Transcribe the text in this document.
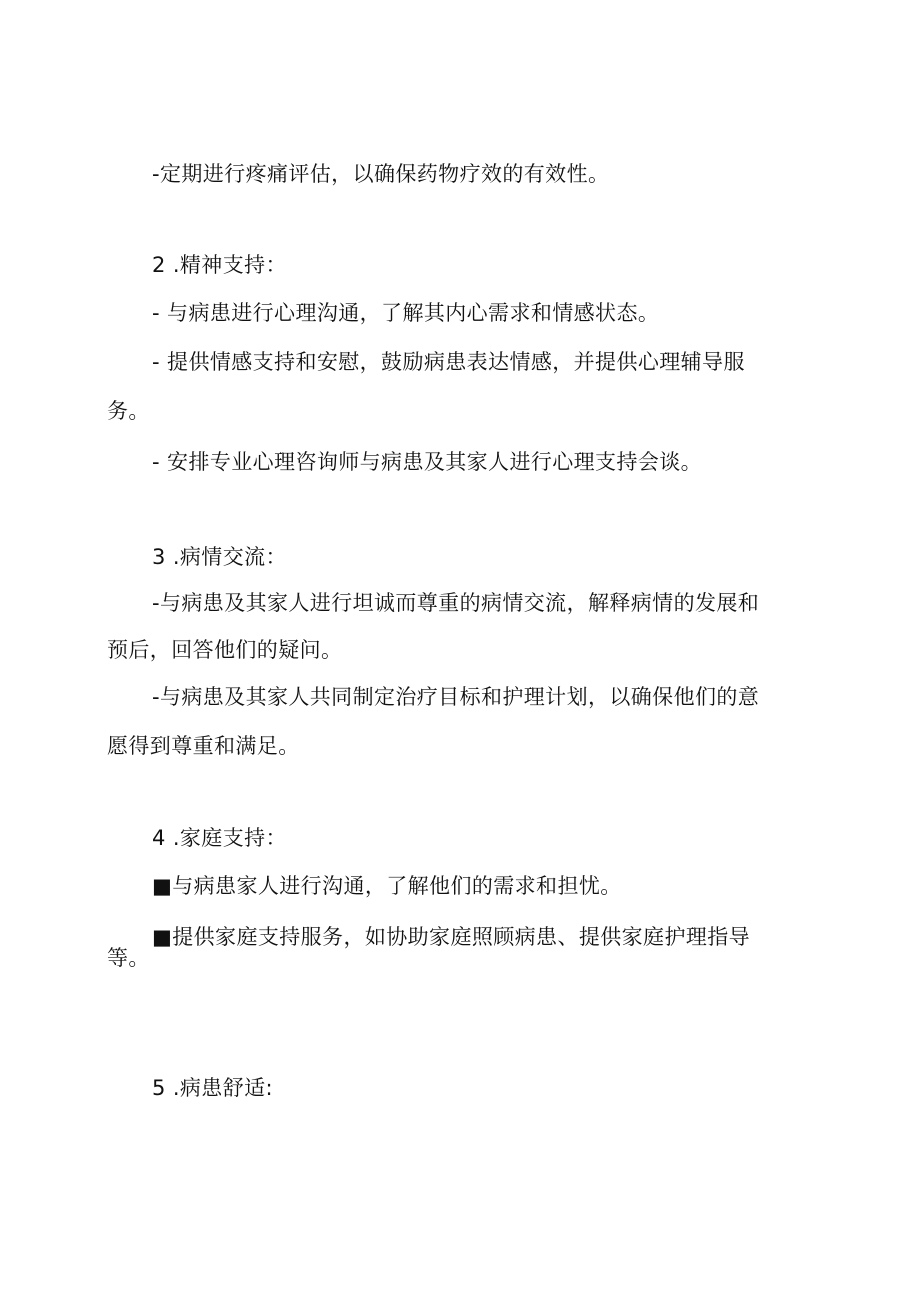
-定期进行疼痛评估，以确保药物疗效的有效性。
2 .精神支持：
- 与病患进行心理沟通，了解其内心需求和情感状态。
- 提供情感支持和安慰，鼓励病患表达情感，并提供心理辅导服
务。
- 安排专业心理咨询师与病患及其家人进行心理支持会谈。
3 .病情交流：
-与病患及其家人进行坦诚而尊重的病情交流，解释病情的发展和
预后，回答他们的疑问。
-与病患及其家人共同制定治疗目标和护理计划，以确保他们的意
愿得到尊重和满足。
4 .家庭支持：
■与病患家人进行沟通，了解他们的需求和担忧。
■提供家庭支持服务，如协助家庭照顾病患、提供家庭护理指导
等。
5 .病患舒适:
